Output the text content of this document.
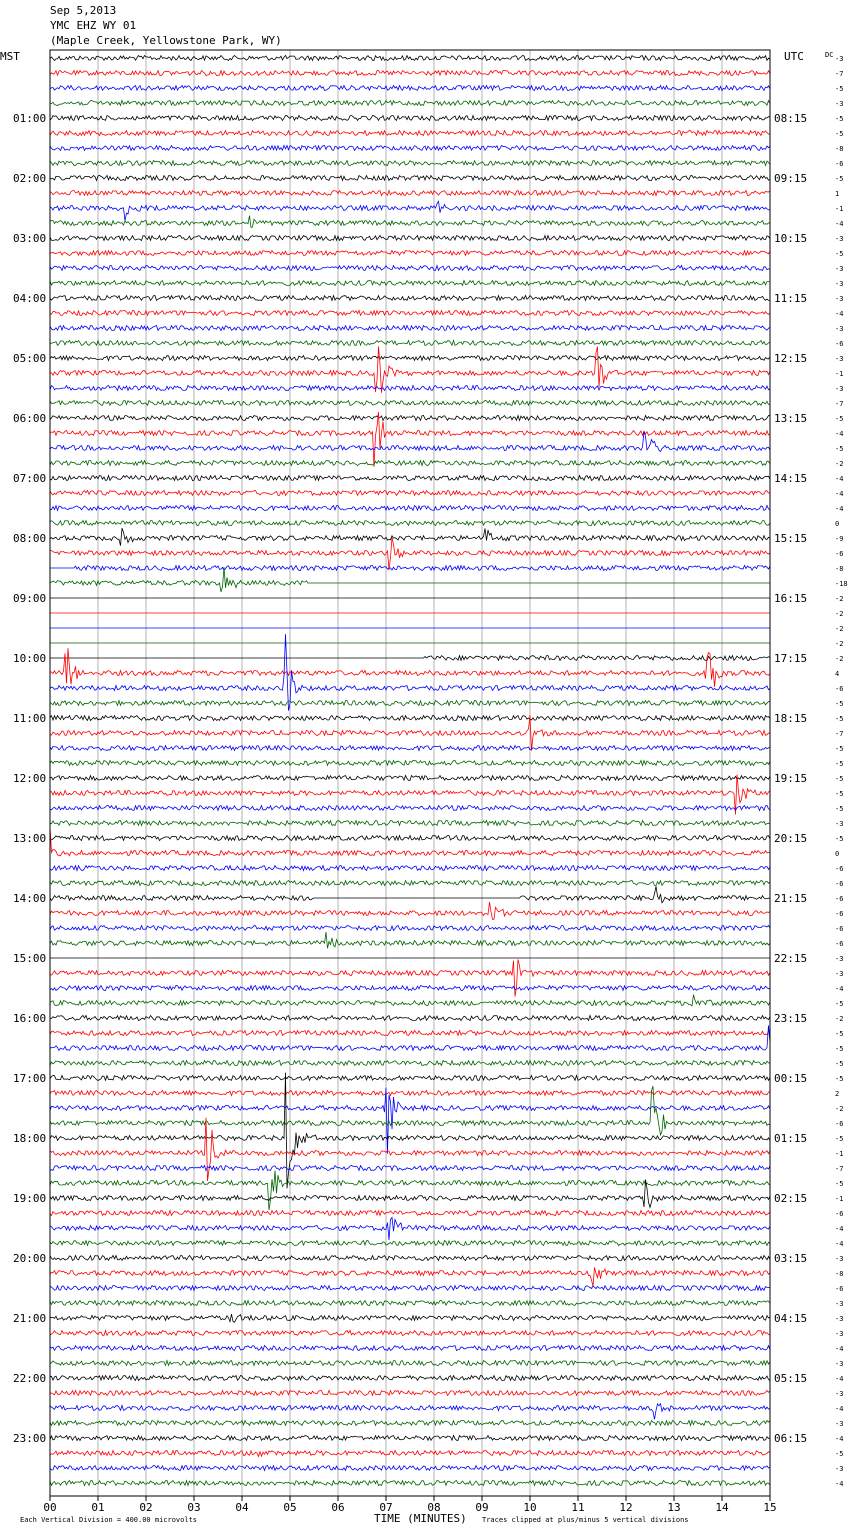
Sep 5,2013
YMC EHZ WY 01
(Maple Creek, Yellowstone Park, WY)
-3
-7
-5
-3
-5
-5
-8
-6
-5
1
-1
-4
-3
-5
-3
-3
-3
-4
-3
-6
-3
-1
-3
-7
-5
-4
-5
-2
-4
-4
-4
0
-9
-6
-8
-18
-2
-2
-2
-2
-2
4
-6
-5
-5
-7
-5
-5
-5
-5
-5
-3
-5
0
-6
-6
-6
-6
-6
-6
-3
-3
-4
-5
-2
-5
-5
-5
-5
2
-2
-6
-5
-1
-7
-5
-1
-6
-4
-4
-3
-8
-6
-3
-3
-3
-4
-3
-4
-3
-4
-3
-4
-5
-3
-4
01:00
02:00
03:00
04:00
05:00
06:00
07:00
08:00
09:00
10:00
11:00
12:00
13:00
14:00
15:00
16:00
17:00
18:00
19:00
20:00
21:00
22:00
23:00
08:15
09:15
10:15
11:15
12:15
13:15
14:15
15:15
16:15
17:15
18:15
19:15
20:15
21:15
22:15
23:15
00:15
01:15
02:15
03:15
04:15
05:15
06:15
00	01	02	03	04	05	06	07	08	09	10	11	12	13	14	15
MST	UTC	DC
Each Vertical Division = 400.00 microvolts	TIME (MINUTES) Traces clipped at plus/minus 5 vertical divisions
